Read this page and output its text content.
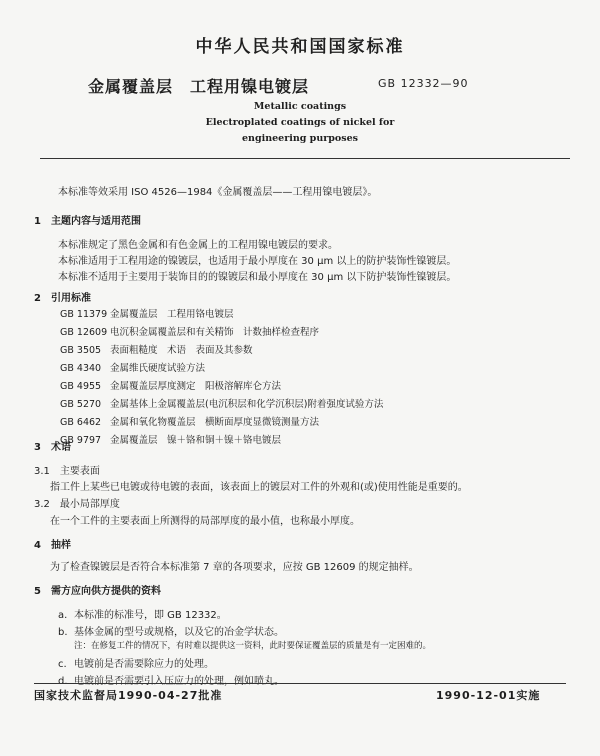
中华人民共和国国家标准
金属覆盖层　工程用镍电镀层	GB 12332—90
Metallic coatings
Electroplated coatings of nickel for
engineering purposes
本标准等效采用 ISO 4526—1984《金属覆盖层——工程用镍电镀层》。
1　主题内容与适用范围
本标准规定了黑色金属和有色金属上的工程用镍电镀层的要求。
本标准适用于工程用途的镍镀层，也适用于最小厚度在 30 μm 以上的防护装饰性镍镀层。
本标准不适用于主要用于装饰目的的镍镀层和最小厚度在 30 μm 以下防护装饰性镍镀层。
2　引用标准
GB 11379 金属覆盖层　工程用铬电镀层
GB 12609 电沉积金属覆盖层和有关精饰　计数抽样检查程序
GB 3505 表面粗糙度　术语　表面及其参数
GB 4340 金属维氏硬度试验方法
GB 4955 金属覆盖层厚度测定　阳极溶解库仑方法
GB 5270 金属基体上金属覆盖层(电沉积层和化学沉积层)附着强度试验方法
GB 6462 金属和氧化物覆盖层　横断面厚度显微镜测量方法
GB 9797 金属覆盖层　镍＋铬和铜＋镍＋铬电镀层
3　术语
3.1　主要表面
指工件上某些已电镀或待电镀的表面，该表面上的镀层对工件的外观和(或)使用性能是重要的。
3.2　最小局部厚度
在一个工件的主要表面上所测得的局部厚度的最小值，也称最小厚度。
4　抽样
为了检查镍镀层是否符合本标准第 7 章的各项要求，应按 GB 12609 的规定抽样。
5　需方应向供方提供的资料
a. 本标准的标准号，即 GB 12332。
b. 基体金属的型号或规格，以及它的冶金学状态。
注：在修复工件的情况下，有时难以提供这一资料，此时要保证覆盖层的质量是有一定困难的。
c. 电镀前是否需要除应力的处理。
d. 电镀前是否需要引入压应力的处理，例如喷丸。
国家技术监督局1990-04-27批准	1990-12-01实施
